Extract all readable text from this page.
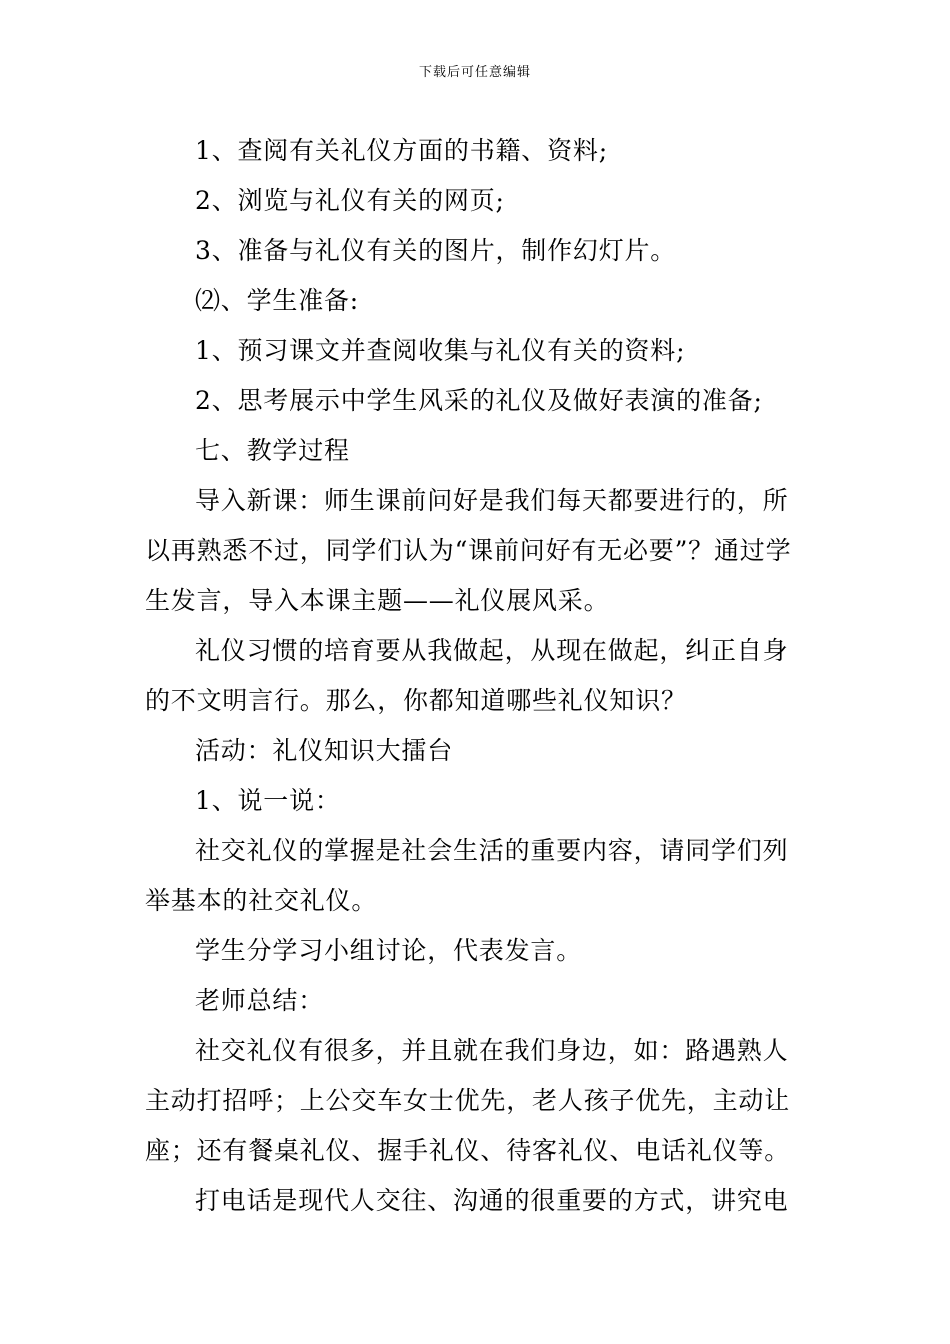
下载后可任意编辑

1、查阅有关礼仪方面的书籍、资料;

2、浏览与礼仪有关的网页;

3、准备与礼仪有关的图片，制作幻灯片。

⑵、学生准备:

1、预习课文并查阅收集与礼仪有关的资料;

2、思考展示中学生风采的礼仪及做好表演的准备;

七、教学过程

导入新课：师生课前问好是我们每天都要进行的，所以再熟悉不过，同学们认为“课前问好有无必要”？通过学生发言，导入本课主题——礼仪展风采。

礼仪习惯的培育要从我做起，从现在做起，纠正自身的不文明言行。那么，你都知道哪些礼仪知识？

活动：礼仪知识大擂台

1、说一说：

社交礼仪的掌握是社会生活的重要内容，请同学们列举基本的社交礼仪。

学生分学习小组讨论，代表发言。

老师总结：

社交礼仪有很多，并且就在我们身边，如：路遇熟人主动打招呼；上公交车女士优先，老人孩子优先，主动让座；还有餐桌礼仪、握手礼仪、待客礼仪、电话礼仪等。

打电话是现代人交往、沟通的很重要的方式，讲究电
